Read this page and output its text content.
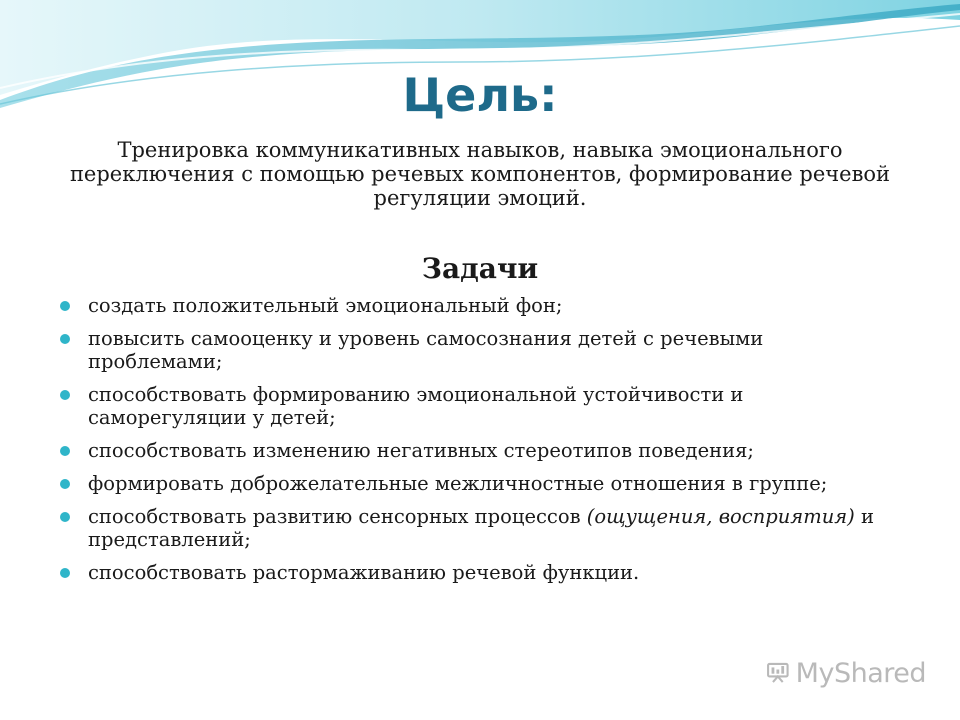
Цель:

Тренировка коммуникативных навыков, навыка эмоционального переключения с помощью речевых компонентов, формирование речевой регуляции эмоций.

Задачи
создать положительный эмоциональный фон;
повысить самооценку и уровень самосознания детей с речевыми проблемами;
способствовать формированию эмоциональной устойчивости и саморегуляции у детей;
способствовать изменению негативных стереотипов поведения;
формировать доброжелательные межличностные отношения в группе;
способствовать развитию сенсорных процессов (ощущения, восприятия) и представлений;
способствовать растормаживанию речевой функции.
MyShared
